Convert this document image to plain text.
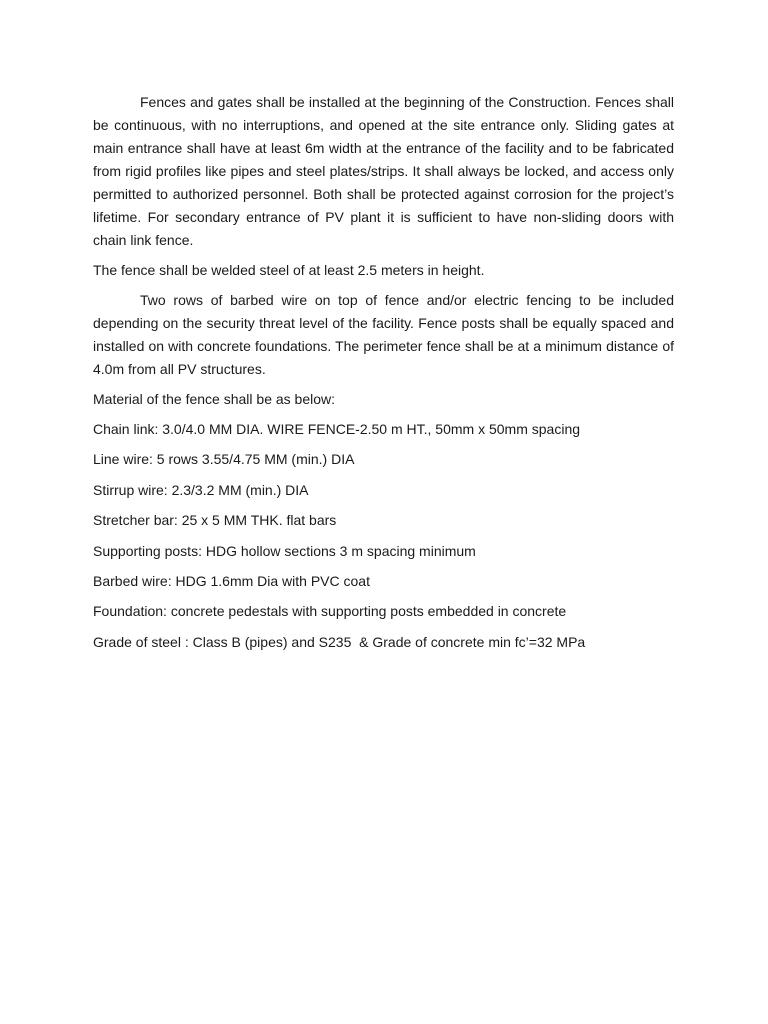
Fences and gates shall be installed at the beginning of the Construction. Fences shall be continuous, with no interruptions, and opened at the site entrance only. Sliding gates at main entrance shall have at least 6m width at the entrance of the facility and to be fabricated from rigid profiles like pipes and steel plates/strips. It shall always be locked, and access only permitted to authorized personnel. Both shall be protected against corrosion for the project’s lifetime. For secondary entrance of PV plant it is sufficient to have non-sliding doors with chain link fence.

The fence shall be welded steel of at least 2.5 meters in height.

Two rows of barbed wire on top of fence and/or electric fencing to be included depending on the security threat level of the facility. Fence posts shall be equally spaced and installed on with concrete foundations. The perimeter fence shall be at a minimum distance of 4.0m from all PV structures.

Material of the fence shall be as below:

Chain link: 3.0/4.0 MM DIA. WIRE FENCE-2.50 m HT., 50mm x 50mm spacing

Line wire: 5 rows 3.55/4.75 MM (min.) DIA

Stirrup wire: 2.3/3.2 MM (min.) DIA

Stretcher bar: 25 x 5 MM THK. flat bars

Supporting posts: HDG hollow sections 3 m spacing minimum

Barbed wire: HDG 1.6mm Dia with PVC coat

Foundation: concrete pedestals with supporting posts embedded in concrete

Grade of steel : Class B (pipes) and S235  & Grade of concrete min fc’=32 MPa
